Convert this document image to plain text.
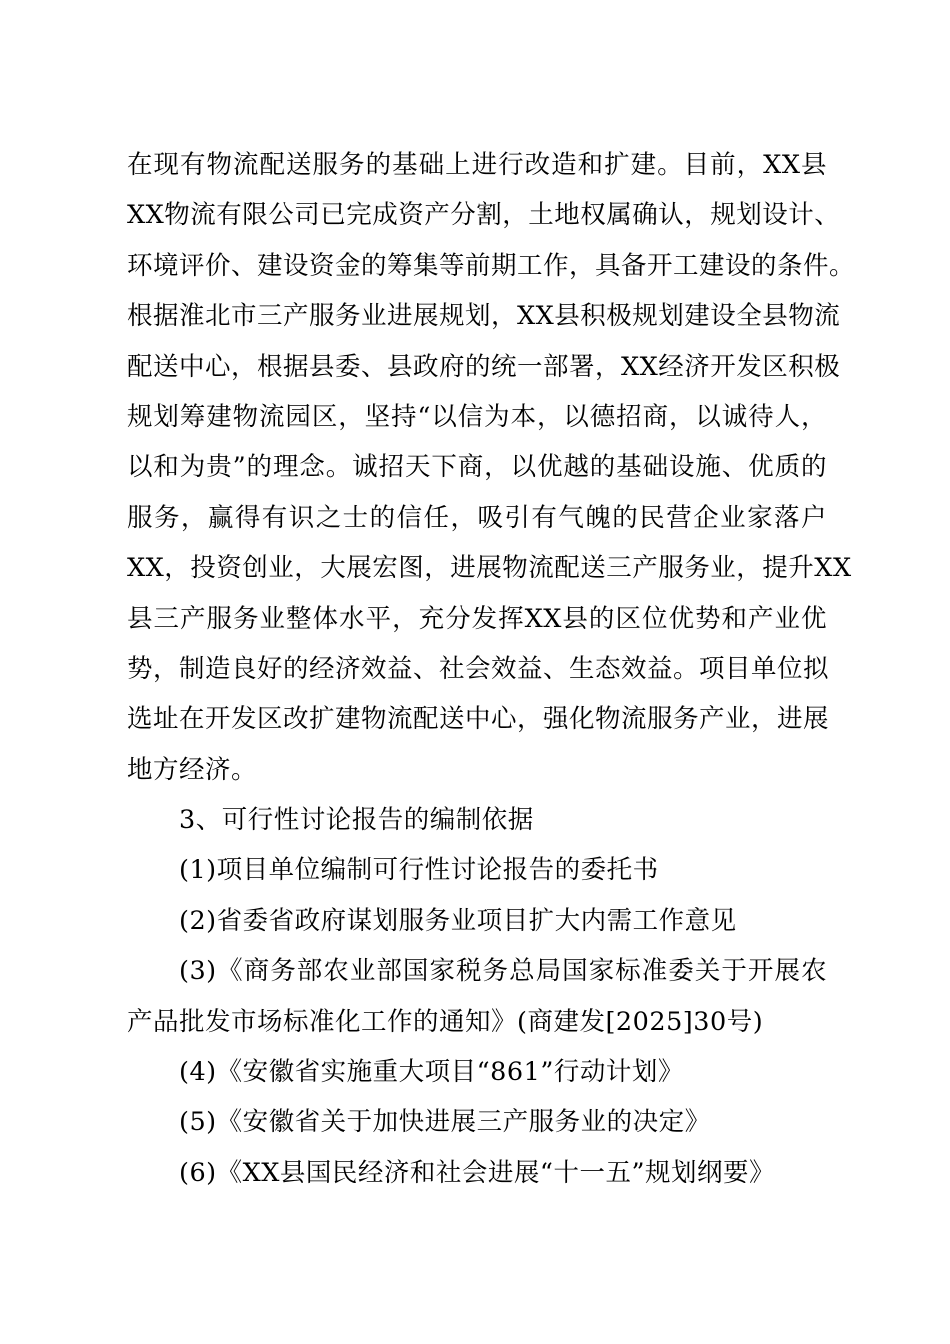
在现有物流配送服务的基础上进行改造和扩建。目前，XX县
XX物流有限公司已完成资产分割，土地权属确认，规划设计、
环境评价、建设资金的筹集等前期工作，具备开工建设的条件。
根据淮北市三产服务业进展规划，XX县积极规划建设全县物流
配送中心，根据县委、县政府的统一部署，XX经济开发区积极
规划筹建物流园区，坚持“以信为本，以德招商，以诚待人，
以和为贵”的理念。诚招天下商，以优越的基础设施、优质的
服务，赢得有识之士的信任，吸引有气魄的民营企业家落户
XX，投资创业，大展宏图，进展物流配送三产服务业，提升XX
县三产服务业整体水平，充分发挥XX县的区位优势和产业优
势，制造良好的经济效益、社会效益、生态效益。项目单位拟
选址在开发区改扩建物流配送中心，强化物流服务产业，进展
地方经济。
3、可行性讨论报告的编制依据
(1)项目单位编制可行性讨论报告的委托书
(2)省委省政府谋划服务业项目扩大内需工作意见
(3)《商务部农业部国家税务总局国家标准委关于开展农
产品批发市场标准化工作的通知》(商建发[2025]30号)
(4)《安徽省实施重大项目“861”行动计划》
(5)《安徽省关于加快进展三产服务业的决定》
(6)《XX县国民经济和社会进展“十一五”规划纲要》
